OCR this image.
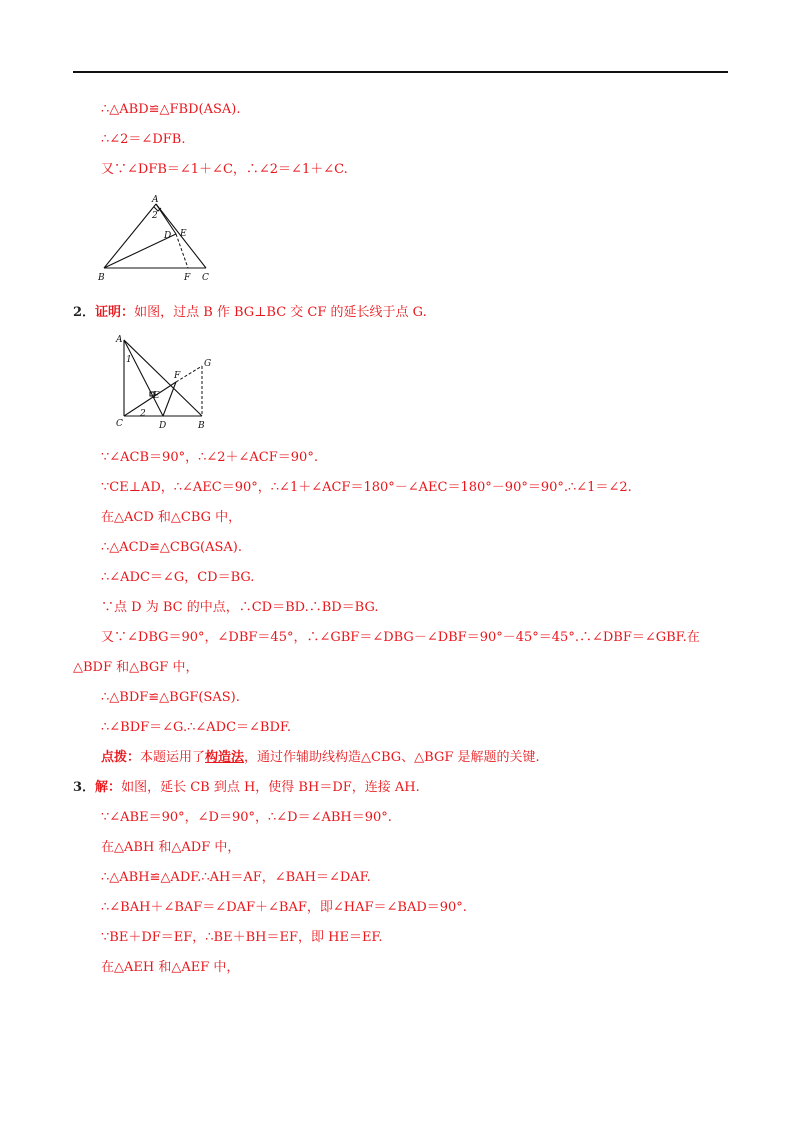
∴△ABD≌△FBD(ASA).
∴∠2＝∠DFB.
又∵∠DFB＝∠1＋∠C，∴∠2＝∠1＋∠C.
A
2
D E
B	F C
2．证明：如图，过点 B 作 BG⊥BC 交 CF 的延长线于点 G.
A
1
E
F
G
C
2
D	B
∵∠ACB＝90°，∴∠2＋∠ACF＝90°.
∵CE⊥AD，∴∠AEC＝90°，∴∠1＋∠ACF＝180°－∠AEC＝180°－90°＝90°.∴∠1＝∠2.
在△ACD 和△CBG 中，
∴△ACD≌△CBG(ASA).
∴∠ADC＝∠G，CD＝BG.
∵点 D 为 BC 的中点，∴CD＝BD.∴BD＝BG.
又∵∠DBG＝90°，∠DBF＝45°，∴∠GBF＝∠DBG－∠DBF＝90°－45°＝45°.∴∠DBF＝∠GBF.在
△BDF 和△BGF 中，
∴△BDF≌△BGF(SAS).
∴∠BDF＝∠G.∴∠ADC＝∠BDF.
点拨：本题运用了构造法，通过作辅助线构造△CBG、△BGF 是解题的关键.
3．解：如图，延长 CB 到点 H，使得 BH＝DF，连接 AH.
∵∠ABE＝90°，∠D＝90°，∴∠D＝∠ABH＝90°.
在△ABH 和△ADF 中，
∴△ABH≌△ADF.∴AH＝AF，∠BAH＝∠DAF.
∴∠BAH＋∠BAF＝∠DAF＋∠BAF，即∠HAF＝∠BAD＝90°.
∵BE＋DF＝EF，∴BE＋BH＝EF，即 HE＝EF.
在△AEH 和△AEF 中，
